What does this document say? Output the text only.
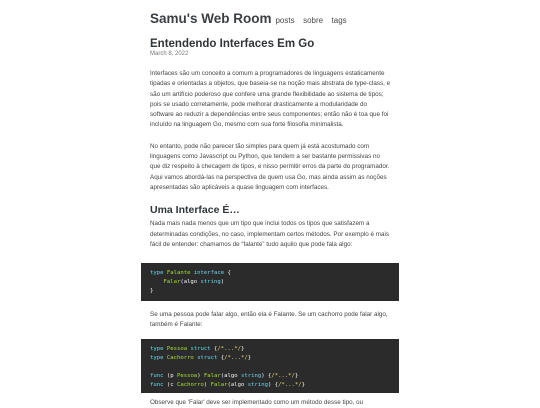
Samu's Web Room posts sobre tags
Entendendo Interfaces Em Go
March 8, 2022

Interfaces são um conceito a comum a programadores de linguagens estaticamente tipadas e orientadas a objetos, que baseia-se na noção mais abstrata de type-class, e são um artifício poderoso que confere uma grande flexibilidade ao sistema de tipos; pois se usado corretamente, pode melhorar drasticamente a modularidade do software ao reduzir a dependências entre seus componentes; então não é toa que foi incluído na linguagem Go, mesmo com sua forte filosofia minimalista.

No entanto, pode não parecer tão simples para quem já está acostumado com linguagens como Javascript ou Python, que tendem a ser bastante permissivas no que diz respeito à checagem de tipos, e nisso permitir erros da parte do programador. Aqui vamos abordá-las na perspectiva de quem usa Go, mas ainda assim as noções apresentadas são aplicáveis a quase linguagem com interfaces.

Uma Interface É…

Nada mais nada menos que um tipo que inclui todos os tipos que satisfazem a determinadas condições, no caso, implementam certos métodos. Por exemplo é mais fácil de entender: chamamos de “falante” tudo aquilo que pode fala algo:

type Falante interface {
Falar(algo string)
}

Se uma pessoa pode falar algo, então ela é Falante. Se um cachorro pode falar algo, também é Falante:

type Pessoa struct {/*...*/}
type Cachorro struct {/*...*/}
func (p Pessoa) Falar(algo string) {/*...*/}
func (c Cachorro) Falar(algo string) {/*...*/}

Observe que 'Falar' deve ser implementado como um método desse tipo, ou
